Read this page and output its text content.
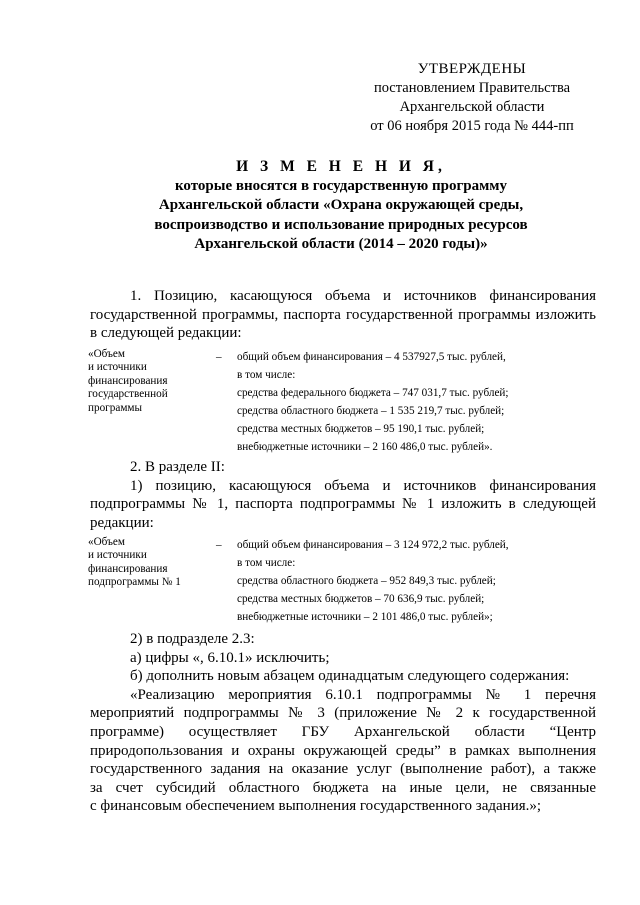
УТВЕРЖДЕНЫ
постановлением Правительства
Архангельской области
от 06 ноября 2015 года № 444-пп
И З М Е Н Е Н И Я,
которые вносятся в государственную программу
Архангельской области «Охрана окружающей среды,
воспроизводство и использование природных ресурсов
Архангельской области (2014 – 2020 годы)»
1. Позицию, касающуюся объема и источников финансирования
государственной программы, паспорта государственной программы изложить
в следующей редакции:
«Объем
и источники
финансирования
государственной
программы
– общий объем финансирования – 4 537927,5 тыс. рублей,
в том числе:
средства федерального бюджета – 747 031,7 тыс. рублей;
средства областного бюджета – 1 535 219,7 тыс. рублей;
средства местных бюджетов – 95 190,1 тыс. рублей;
внебюджетные источники – 2 160 486,0 тыс. рублей».
2. В разделе II:
1) позицию, касающуюся объема и источников финансирования
подпрограммы № 1, паспорта подпрограммы № 1 изложить в следующей
редакции:
«Объем
и источники
финансирования
подпрограммы № 1
– общий объем финансирования – 3 124 972,2 тыс. рублей,
в том числе:
средства областного бюджета – 952 849,3 тыс. рублей;
средства местных бюджетов – 70 636,9 тыс. рублей;
внебюджетные источники – 2 101 486,0 тыс. рублей»;
2) в подразделе 2.3:
а) цифры «, 6.10.1» исключить;
б) дополнить новым абзацем одинадцатым следующего содержания:
«Реализацию мероприятия 6.10.1 подпрограммы № 1 перечня
мероприятий подпрограммы № 3 (приложение № 2 к государственной
программе) осуществляет ГБУ Архангельской области “Центр
природопользования и охраны окружающей среды” в рамках выполнения
государственного задания на оказание услуг (выполнение работ), а также
за счет субсидий областного бюджета на иные цели, не связанные
с финансовым обеспечением выполнения государственного задания.»;
